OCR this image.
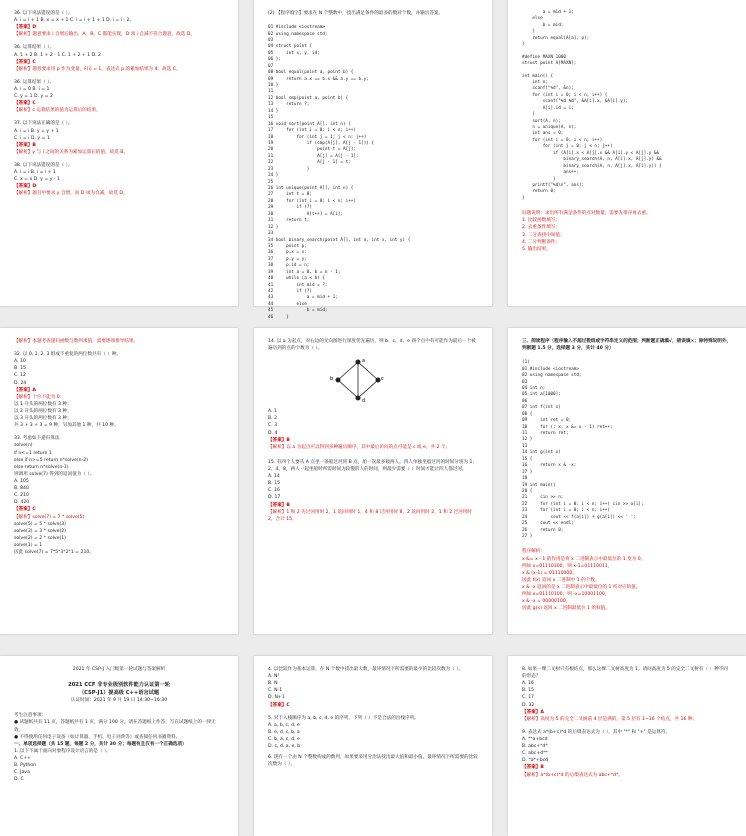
36. 以下说法错误的是（ ）。
A. i = i + 1 B. x = x + 1 C. i = i + 1 + 1 D. i = i - 2。
【答案】D
【解析】题意要求 i 自增后输出，A、B、C 都能实现，D 项 i 自减不符合题意，故选 D。
36. 运算结果（ ）。
A. 1 + 2 B. 1 + 2 - 1 C. 1 + 2 + 1 D. 2
【答案】C
【解析】题意要求用 p 作为变量，F(i) = 1，表达式 p 的累加结果为 4，故选 C。
36. 运算结果（ ）。
A. i = 0 B. i = 1
C. y = 1 D. y = 2
【答案】C
【解析】c 运算结果的值为运算后的结果。
37. 以下说法正确的是（ ）。
A. i = i B. y = y + 1
C. i = i D. y = 1
【答案】B
【解析】y 与 i 之间的关系为累加运算后的值，故选 B。
38. 以下说法错误的是（ ）。
A. i = i B. i = i + 1
C. x = x D. y = y - 1
【答案】D
【解析】题目中要求 y 自增，而 D 项为自减，故选 D。
(2) 【程序填空】要求在 N 个整数中，找出满足条件的最多的数对个数，并输出答案。
01 #include <iostream>
02 using namespace std;
03
04 struct point {
05     int x, y, id;
06 };
07
08 bool equal(point a, point b) {
09     return a.x == b.x && a.y == b.y;
10 }
11
12 bool cmp(point a, point b) {
13     return ?;
14 }
15
16 void sort(point A[], int n) {
17     for (int i = 0; i < n; i++)
18         for (int j = 1; j < n; j++)
19             if (cmp(A[j], A[j - 1])) {
20                 point t = A[j];
21                 A[j] = A[j - 1];
22                 A[j - 1] = t;
23             }
24 }
25
26 int unique(point A[], int n) {
27     int t = 0;
28     for (int i = 0; i < n; i++)
29         if (?)
30             A[t++] = A[i];
31     return t;
32 }
33
34 bool binary_search(point A[], int n, int x, int y) {
35     point p;
36     p.x = x;
37     p.y = y;
38     p.id = n;
39     int a = 0, b = n - 1;
40     while (a < b) {
41         int mid = ?;
42         if (?)
43             a = mid + 1;
44         else
45             b = mid;
46     }
a = mid + 1;
else
b = mid;
}
return equal(A[a], p);
}
#define MAXN 1000
struct point A[MAXN];
int main() {
int n;
scanf("%d", &n);
for (int i = 0; i < n; i++) {
scanf("%d %d", &A[i].x, &A[i].y);
A[i].id = i;
}
sort(A, n);
n = unique(A, n);
int ans = 0;
for (int i = 0; i < n; i++)
for (int j = 0; j < n; j++)
if (A[i].x < A[j].x && A[i].y < A[j].y &&
binary_search(A, n, A[i].x, A[j].y) &&
binary_search(A, n, A[j].x, A[i].y)) {
ans++;
}
printf("%d\n", ans);
return 0;
}
问题说明：求出所有满足条件的点对数量，需要先排序再去重。
1. 比较函数填写；
2. 去重条件填写；
3. 二分查找中间值；
4. 二分判断条件；
5. 输出结果。
【解析】本题考查递归函数与数列求值，需要逐项推导结果。
32. 以 0, 1, 2, 3 组成不重复的两位数共有（ ）种。
A. 10
B. 15
C. 12
D. 24
【答案】A
【解析】十位不能为 0：
以 1 开头的两位数有 3 种；
以 2 开头的两位数有 3 种；
以 3 开头的两位数有 3 种；
共 3 + 3 + 3 = 9 种，另加其他 1 种，共 10 种。
33. 考虑如下递归算法
solve(n)
if n<=1 return 1
else if n>=5 return n*solve(n-2)
else return n*solve(n-1)
则调用 solve(7) 得到的返回值为（ ）。
A. 105
B. 840
C. 210
D. 420
【答案】C
【解析】solve(7) = 7 * solve(5)
solve(5) = 5 * solve(3)
solve(3) = 3 * solve(2)
solve(2) = 2 * solve(1)
solve(1) = 1
因此 solve(7) = 7*5*3*2*1 = 210。
14. 以 a 为起点，对右边的无向图进行深度优先遍历，则 b、c、d、e 四个点中有可能作为最后一个被遍历到的点的个数为（ ）。
a
b	c
d
A. 1
B. 2
C. 3
D. 4
【答案】B
【解析】以 a 为起点可以得到多种遍历顺序，其中最后访问的点可能是 c 或 e，共 2 个。
15. 有四个人要从 A 点坐一条船过河到 B 点，船一次最多载两人。四人单独坐船过河的时间分别为 1、2、4、8，两人一起坐船时所需时间为较慢的人的时间，则最少需要（ ）时间才能让四人都过河。
A. 14
B. 15
C. 16
D. 17
【答案】B
【解析】1 和 2 先过河用时 2，1 返回用时 1，4 和 8 过河用时 8，2 返回用时 2，1 和 2 过河用时 2，合计 15。
三、阅读程序（程序输入不超过数组或字符串定义的范围；判断题正确填√，错误填×；除特殊说明外，判断题 1.5 分，选择题 3 分，共计 40 分）
(1)
01 #include <iostream>
02 using namespace std;
03
04 int n;
05 int a[1000];
06
07 int f(int x)
08 {
09     int ret = 0;
10     for (; x; x &= x - 1) ret++;
11     return ret;
12 }
13
14 int g(int x)
15 {
16     return x & -x;
17 }
18
19 int main()
20 {
21     cin >> n;
22     for (int i = 0; i < n; i++) cin >> a[i];
23     for (int i = 0; i < n; i++)
24         cout << f(a[i]) + g(a[i]) << ' ';
25     cout << endl;
26     return 0;
27 }
程序解析：
x &= x - 1 的作用是将 x 二进制表示中最低位的 1 变为 0。
例如 x=01110100，则 x-1=01110011，
x & (x-1) = 01110000。
因此 f(x) 返回 x 二进制中 1 的个数。
x & -x 返回的是 x 二进制表示中最低位的 1 所对应的值。
例如 x=01110100，则 -x=10001100，
x & -x = 00000100。
因此 g(x) 返回 x 二进制最低位 1 的权值。
2021 年 CSP-J 入门级第一轮试题与答案解析
2021 CCF 非专业级别软件能力认证第一轮
（CSP-J1）提高级 C++语言试题
认证时间：2021 年 9 月 19 日 14:30~16:30
考生注意事项：
● 试题纸共有 11 页，答题纸共有 1 页，满分 100 分。请在答题纸上作答，写在试题纸上的一律无效。
● 不得使用任何电子设备（如计算器、手机、电子词典等）或查阅任何书籍资料。
一、单项选择题（共 15 题，每题 2 分，共计 30 分；每题有且仅有一个正确选项）
1. 以下不属于面向对象程序设计语言的是（ ）。
A. C++
B. Python
C. Java
D. C
4. 以比较作为基本运算，在 N 个数中找出最大数，最坏情况下所需要的最少的比较次数为（ ）。
A. N²
B. N
C. N-1
D. N+1
【答案】C
5. 对于入栈顺序为 a, b, c, d, e 的序列，下列（ ）不是合法的出栈序列。
A. a, b, c, d, e
B. e, d, c, b, a
C. b, a, c, d, e
D. c, d, a, e, b
6. 现有一个由 N 个整数构成的数列，如果要采用分治法找出最大值和最小值，最坏情况下所需要的比较次数为（ ）。
8. 如果一棵二叉树只有根结点，那么这棵二叉树高度为 1。请问高度为 5 的完全二叉树有（ ）种不同的形态？
A. 16
B. 15
C. 17
D. 32
【答案】A
【解析】高度为 5 的完全二叉树前 4 层是满的，第 5 层有 1~16 个结点，共 16 种。
9. 表达式 a*(b+c)*d 的后缀表达式为（ ），其中 "*" 和 "+" 是运算符。
A. **a+bcd
B. abc+*d*
C. abc+d**
D. *a*+bcd
【答案】B
【解析】a*(b+c)*d 的后缀表达式为 abc+*d*。
